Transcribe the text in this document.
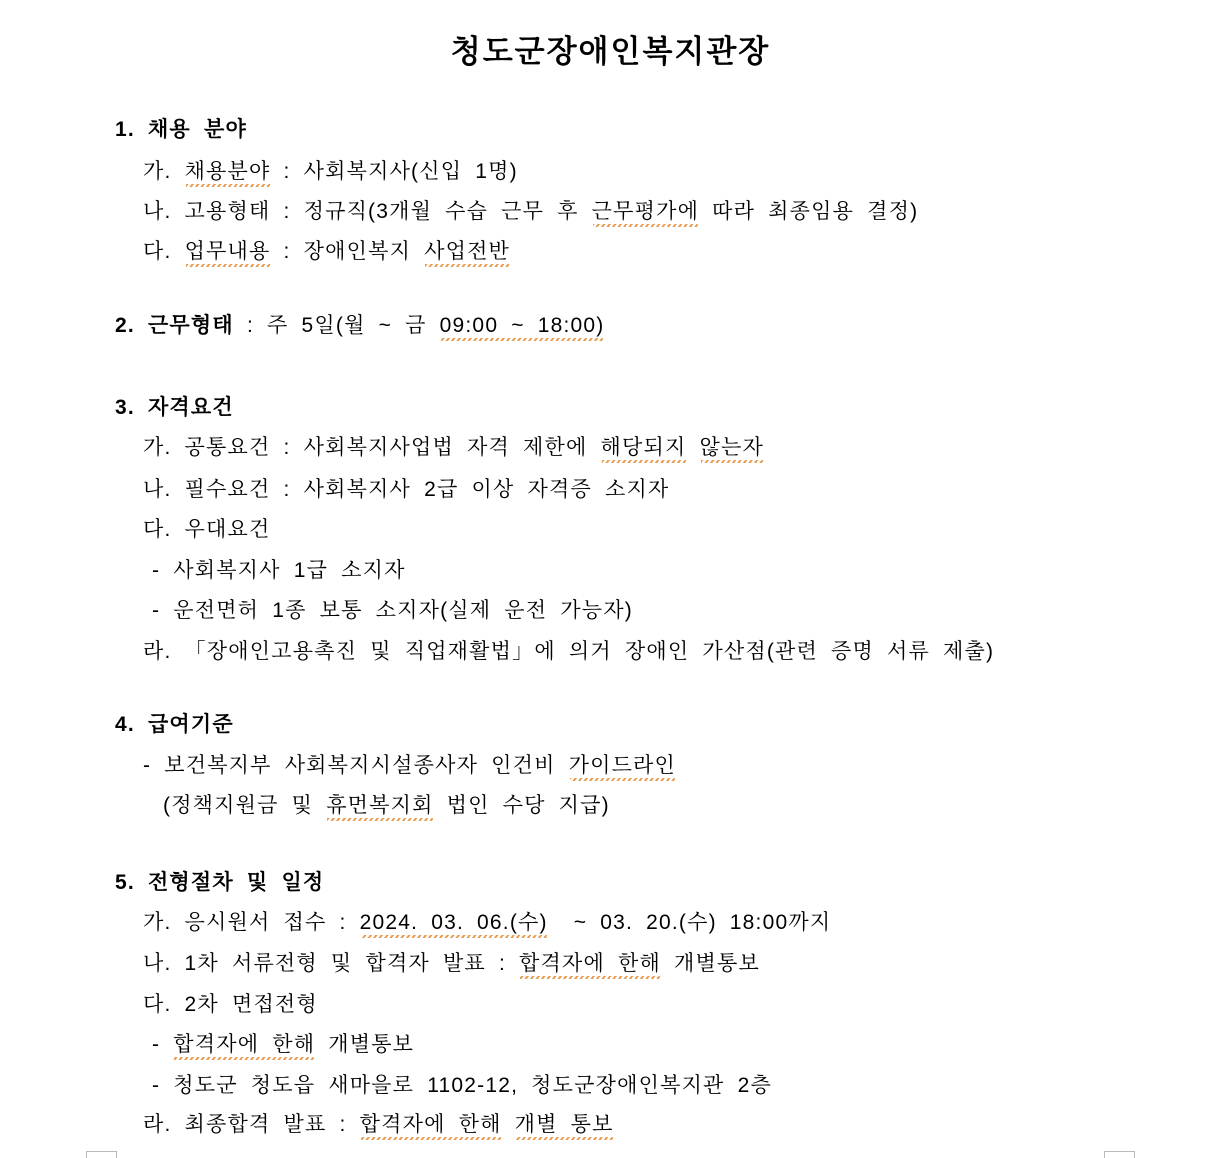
청도군장애인복지관장
1. 채용 분야
가. 채용분야 : 사회복지사(신입 1명)
나. 고용형태 : 정규직(3개월 수습 근무 후 근무평가에 따라 최종임용 결정)
다. 업무내용 : 장애인복지 사업전반
2. 근무형태 : 주 5일(월 ~ 금 09:00 ~ 18:00)
3. 자격요건
가. 공통요건 : 사회복지사업법 자격 제한에 해당되지 않는자
나. 필수요건 : 사회복지사 2급 이상 자격증 소지자
다. 우대요건
- 사회복지사 1급 소지자
- 운전면허 1종 보통 소지자(실제 운전 가능자)
라. 「장애인고용촉진 및 직업재활법」에 의거 장애인 가산점(관련 증명 서류 제출)
4. 급여기준
- 보건복지부 사회복지시설종사자 인건비 가이드라인
(정책지원금 및 휴먼복지회 법인 수당 지급)
5. 전형절차 및 일정
가. 응시원서 접수 : 2024. 03. 06.(수)  ~ 03. 20.(수) 18:00까지
나. 1차 서류전형 및 합격자 발표 : 합격자에 한해 개별통보
다. 2차 면접전형
- 합격자에 한해 개별통보
- 청도군 청도읍 새마을로 1102-12, 청도군장애인복지관 2층
라. 최종합격 발표 : 합격자에 한해 개별 통보
